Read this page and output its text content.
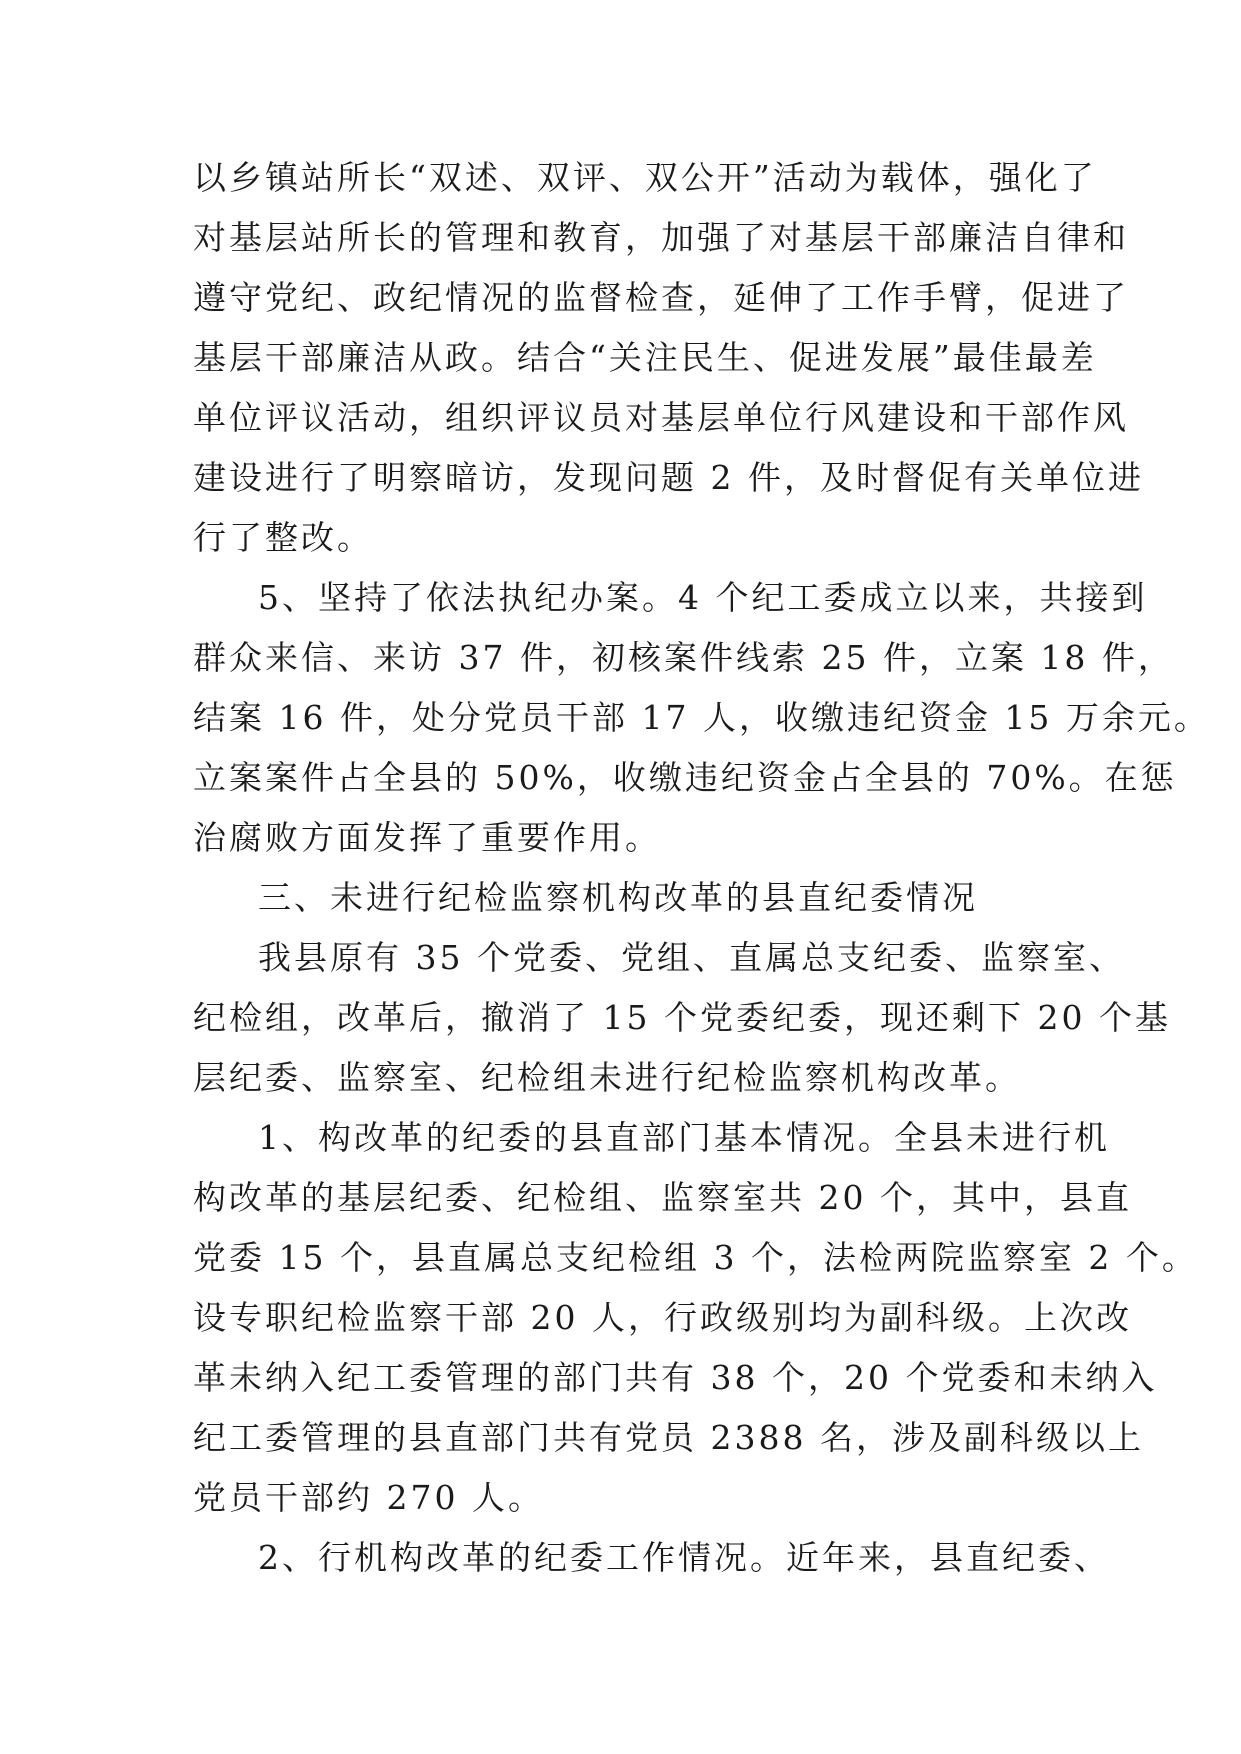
以乡镇站所长“双述、双评、双公开”活动为载体，强化了
对基层站所长的管理和教育，加强了对基层干部廉洁自律和
遵守党纪、政纪情况的监督检查，延伸了工作手臂，促进了
基层干部廉洁从政。结合“关注民生、促进发展”最佳最差
单位评议活动，组织评议员对基层单位行风建设和干部作风
建设进行了明察暗访，发现问题 2 件，及时督促有关单位进
行了整改。
5、坚持了依法执纪办案。4 个纪工委成立以来，共接到
群众来信、来访 37 件，初核案件线索 25 件，立案 18 件，
结案 16 件，处分党员干部 17 人，收缴违纪资金 15 万余元。
立案案件占全县的 50%，收缴违纪资金占全县的 70%。在惩
治腐败方面发挥了重要作用。
三、未进行纪检监察机构改革的县直纪委情况
我县原有 35 个党委、党组、直属总支纪委、监察室、
纪检组，改革后，撤消了 15 个党委纪委，现还剩下 20 个基
层纪委、监察室、纪检组未进行纪检监察机构改革。
1、构改革的纪委的县直部门基本情况。全县未进行机
构改革的基层纪委、纪检组、监察室共 20 个，其中，县直
党委 15 个，县直属总支纪检组 3 个，法检两院监察室 2 个。
设专职纪检监察干部 20 人，行政级别均为副科级。上次改
革未纳入纪工委管理的部门共有 38 个，20 个党委和未纳入
纪工委管理的县直部门共有党员 2388 名，涉及副科级以上
党员干部约 270 人。
2、行机构改革的纪委工作情况。近年来，县直纪委、
